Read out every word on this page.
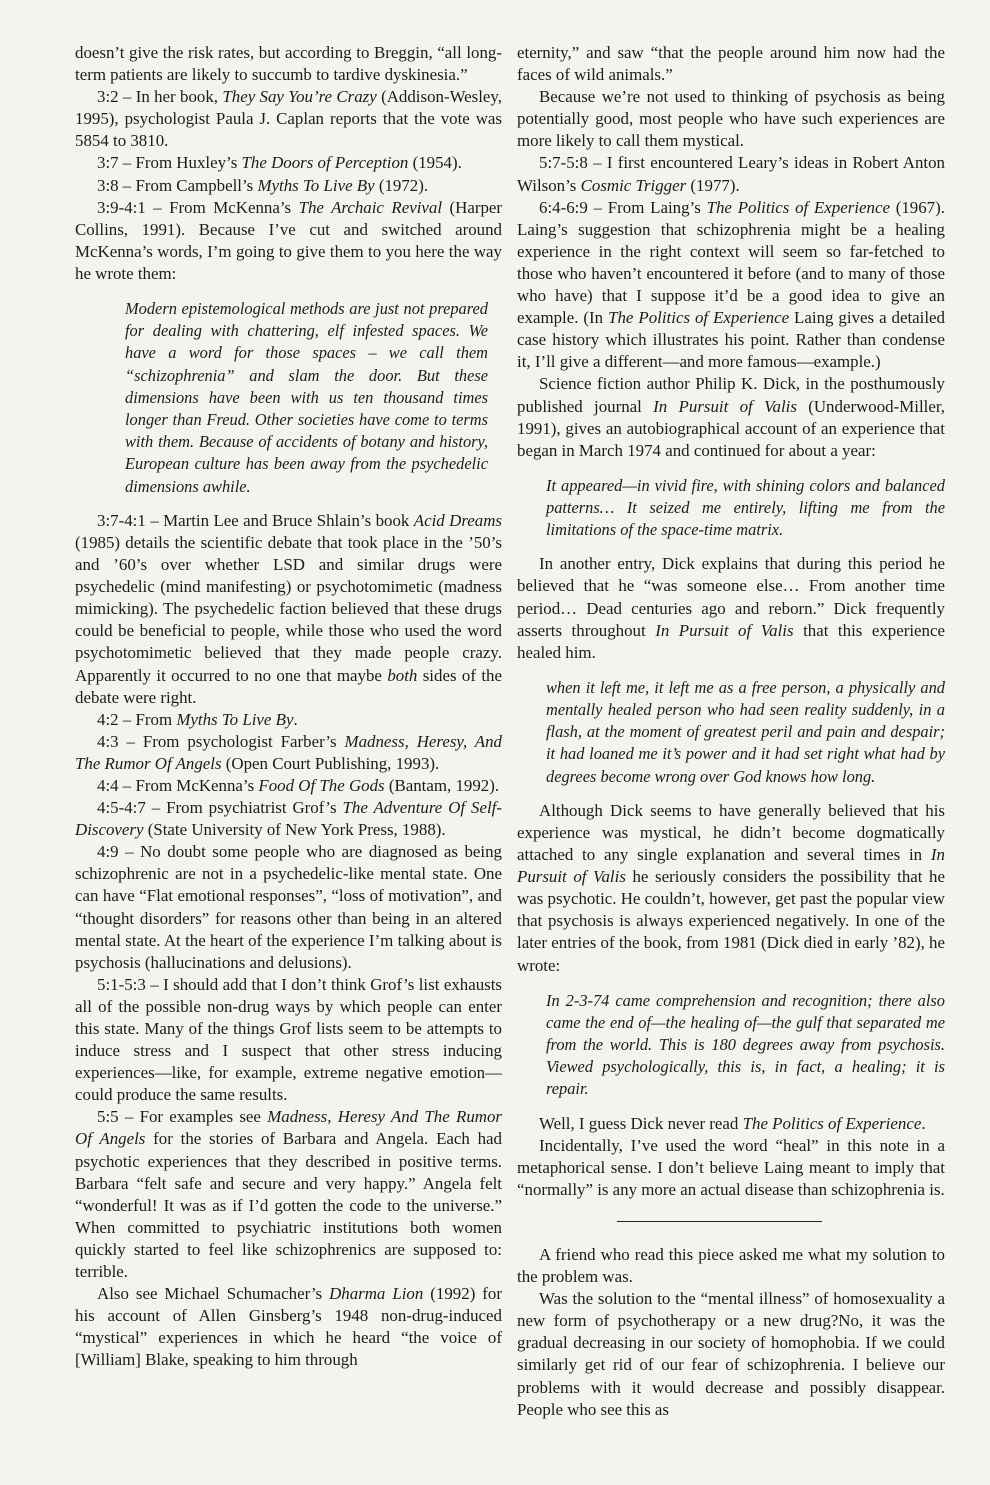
doesn’t give the risk rates, but according to Breggin, “all long-term patients are likely to succumb to tardive dyskinesia.”

3:2 – In her book, They Say You’re Crazy (Addison-Wesley, 1995), psychologist Paula J. Caplan reports that the vote was 5854 to 3810.

3:7 – From Huxley’s The Doors of Perception (1954).

3:8 – From Campbell’s Myths To Live By (1972).

3:9-4:1 – From McKenna’s The Archaic Revival (Harper Collins, 1991). Because I’ve cut and switched around McKenna’s words, I’m going to give them to you here the way he wrote them:

Modern epistemological methods are just not prepared for dealing with chattering, elf infested spaces. We have a word for those spaces – we call them “schizophrenia” and slam the door. But these dimensions have been with us ten thousand times longer than Freud. Other societies have come to terms with them. Because of accidents of botany and history, European culture has been away from the psychedelic dimensions awhile.

3:7-4:1 – Martin Lee and Bruce Shlain’s book Acid Dreams (1985) details the scientific debate that took place in the ’50’s and ’60’s over whether LSD and similar drugs were psychedelic (mind manifesting) or psychotomimetic (madness mimicking). The psychedelic faction believed that these drugs could be beneficial to people, while those who used the word psychotomimetic believed that they made people crazy. Apparently it occurred to no one that maybe both sides of the debate were right.

4:2 – From Myths To Live By.

4:3 – From psychologist Farber’s Madness, Heresy, And The Rumor Of Angels (Open Court Publishing, 1993).

4:4 – From McKenna’s Food Of The Gods (Bantam, 1992).

4:5-4:7 – From psychiatrist Grof’s The Adventure Of Self-Discovery (State University of New York Press, 1988).

4:9 – No doubt some people who are diagnosed as being schizophrenic are not in a psychedelic-like mental state. One can have “Flat emotional responses”, “loss of motivation”, and “thought disorders” for reasons other than being in an altered mental state. At the heart of the experience I’m talking about is psychosis (hallucinations and delusions).

5:1-5:3 – I should add that I don’t think Grof’s list exhausts all of the possible non-drug ways by which people can enter this state. Many of the things Grof lists seem to be attempts to induce stress and I suspect that other stress inducing experiences—like, for example, extreme negative emotion—could produce the same results.

5:5 – For examples see Madness, Heresy And The Rumor Of Angels for the stories of Barbara and Angela. Each had psychotic experiences that they described in positive terms. Barbara “felt safe and secure and very happy.” Angela felt “wonderful! It was as if I’d gotten the code to the universe.” When committed to psychiatric institutions both women quickly started to feel like schizophrenics are supposed to: terrible.

Also see Michael Schumacher’s Dharma Lion (1992) for his account of Allen Ginsberg’s 1948 non-drug-induced “mystical” experiences in which he heard “the voice of [William] Blake, speaking to him through

eternity,” and saw “that the people around him now had the faces of wild animals.”

Because we’re not used to thinking of psychosis as being potentially good, most people who have such experiences are more likely to call them mystical.

5:7-5:8 – I first encountered Leary’s ideas in Robert Anton Wilson’s Cosmic Trigger (1977).

6:4-6:9 – From Laing’s The Politics of Experience (1967). Laing’s suggestion that schizophrenia might be a healing experience in the right context will seem so far-fetched to those who haven’t encountered it before (and to many of those who have) that I suppose it’d be a good idea to give an example. (In The Politics of Experience Laing gives a detailed case history which illustrates his point. Rather than condense it, I’ll give a different—and more famous—example.)

Science fiction author Philip K. Dick, in the posthumously published journal In Pursuit of Valis (Underwood-Miller, 1991), gives an autobiographical account of an experience that began in March 1974 and continued for about a year:

It appeared—in vivid fire, with shining colors and balanced patterns… It seized me entirely, lifting me from the limitations of the space-time matrix.

In another entry, Dick explains that during this period he believed that he “was someone else… From another time period… Dead centuries ago and reborn.” Dick frequently asserts throughout In Pursuit of Valis that this experience healed him.

when it left me, it left me as a free person, a physically and mentally healed person who had seen reality suddenly, in a flash, at the moment of greatest peril and pain and despair; it had loaned me it’s power and it had set right what had by degrees become wrong over God knows how long.

Although Dick seems to have generally believed that his experience was mystical, he didn’t become dogmatically attached to any single explanation and several times in In Pursuit of Valis he seriously considers the possibility that he was psychotic. He couldn’t, however, get past the popular view that psychosis is always experienced negatively. In one of the later entries of the book, from 1981 (Dick died in early ’82), he wrote:

In 2-3-74 came comprehension and recognition; there also came the end of—the healing of—the gulf that separated me from the world. This is 180 degrees away from psychosis. Viewed psychologically, this is, in fact, a healing; it is repair.

Well, I guess Dick never read The Politics of Experience.

Incidentally, I’ve used the word “heal” in this note in a metaphorical sense. I don’t believe Laing meant to imply that “normally” is any more an actual disease than schizophrenia is.

A friend who read this piece asked me what my solution to the problem was.

Was the solution to the “mental illness” of homosexuality a new form of psychotherapy or a new drug?No, it was the gradual decreasing in our society of homophobia. If we could similarly get rid of our fear of schizophrenia. I believe our problems with it would decrease and possibly disappear. People who see this as
